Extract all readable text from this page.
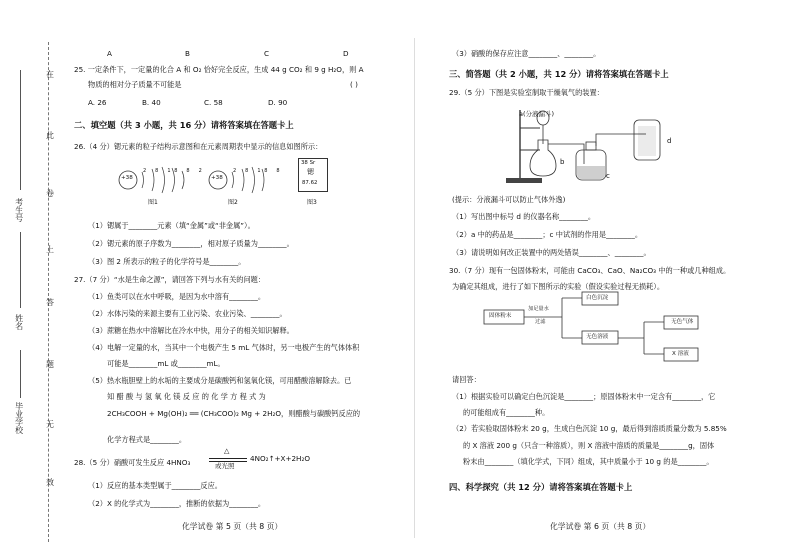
在
此
卷
上
答
题
无
效
考生号
姓名
毕业学校
A	B	C	D
25. 一定条件下，一定量的化合 A 和 O₂ 恰好完全反应，生成 44 g CO₂ 和 9 g H₂O，则 A
物质的相对分子质量不可能是	( )
A. 26	B. 40	C. 58	D. 90
二、填空题（共 3 小题，共 16 分）请将答案填在答题卡上
26.（4 分）锶元素的粒子结构示意图和在元素周期表中显示的信息如图所示：
+38
2 8 18 8 2
+38
2 8 18 8
38 Sr
锶
87.62
图1	图2	图3
（1）锶属于________元素（填“金属”或“非金属”）。
（2）锶元素的原子序数为________，相对原子质量为________。
（3）图 2 所表示的粒子的化学符号是________。
27.（7 分）“水是生命之源”，请回答下列与水有关的问题：
（1）鱼类可以在水中呼吸，是因为水中溶有________。
（2）水体污染的来源主要有工业污染、农业污染、________。
（3）蔗糖在热水中溶解比在冷水中快，用分子的相关知识解释。
（4）电解一定量的水，当其中一个电极产生 5 mL 气体时，另一电极产生的气体体积
可能是________mL 或________mL。
（5）热水瓶胆壁上的水垢的主要成分是碳酸钙和氢氧化镁，可用醋酸溶解除去。已
知 醋 酸 与 氢 氧 化 镁 反 应 的 化 学 方 程 式 为
2CH₃COOH + Mg(OH)₂ ══ (CH₃COO)₂ Mg + 2H₂O，则醋酸与碳酸钙反应的
化学方程式是________。
28.（5 分）硝酸可发生反应 4HNO₃
△
或光照
4NO₂↑+X+2H₂O
（1）反应的基本类型属于________反应。
（2）X 的化学式为________，推断的依据为________。
化学试卷 第 5 页（共 8 页）
（3）硝酸的保存应注意________、________。
三、简答题（共 2 小题，共 12 分）请将答案填在答题卡上
29.（5 分）下图是实验室制取干燥氧气的装置：
a(分液漏斗)
b
c
d
(提示：分液漏斗可以防止气体外逸)
（1）写出图中标号 d 的仪器名称________。
（2）a 中的药品是________；c 中试剂的作用是________。
（3）请说明如何改正装置中的两处错误________、________。
30.（7 分）现有一包固体粉末，可能由 CaCO₃、CaO、Na₂CO₃ 中的一种或几种组成。
为确定其组成，进行了如下图所示的实验（假设实验过程无损耗）。
固体粉末
加足量水
过滤
白色沉淀
无色溶液
无色气体
X 溶液
请回答：
（1）根据实验可以确定白色沉淀是________；原固体粉末中一定含有________，它
的可能组成有________种。
（2）若实验取固体粉末 20 g，生成白色沉淀 10 g，最后得到溶质质量分数为 5.85%
的 X 溶液 200 g（只含一种溶质），则 X 溶液中溶质的质量是________g，固体
粉末由________（填化学式，下同）组成，其中质量小于 10 g 的是________。
四、科学探究（共 12 分）请将答案填在答题卡上
化学试卷 第 6 页（共 8 页）
